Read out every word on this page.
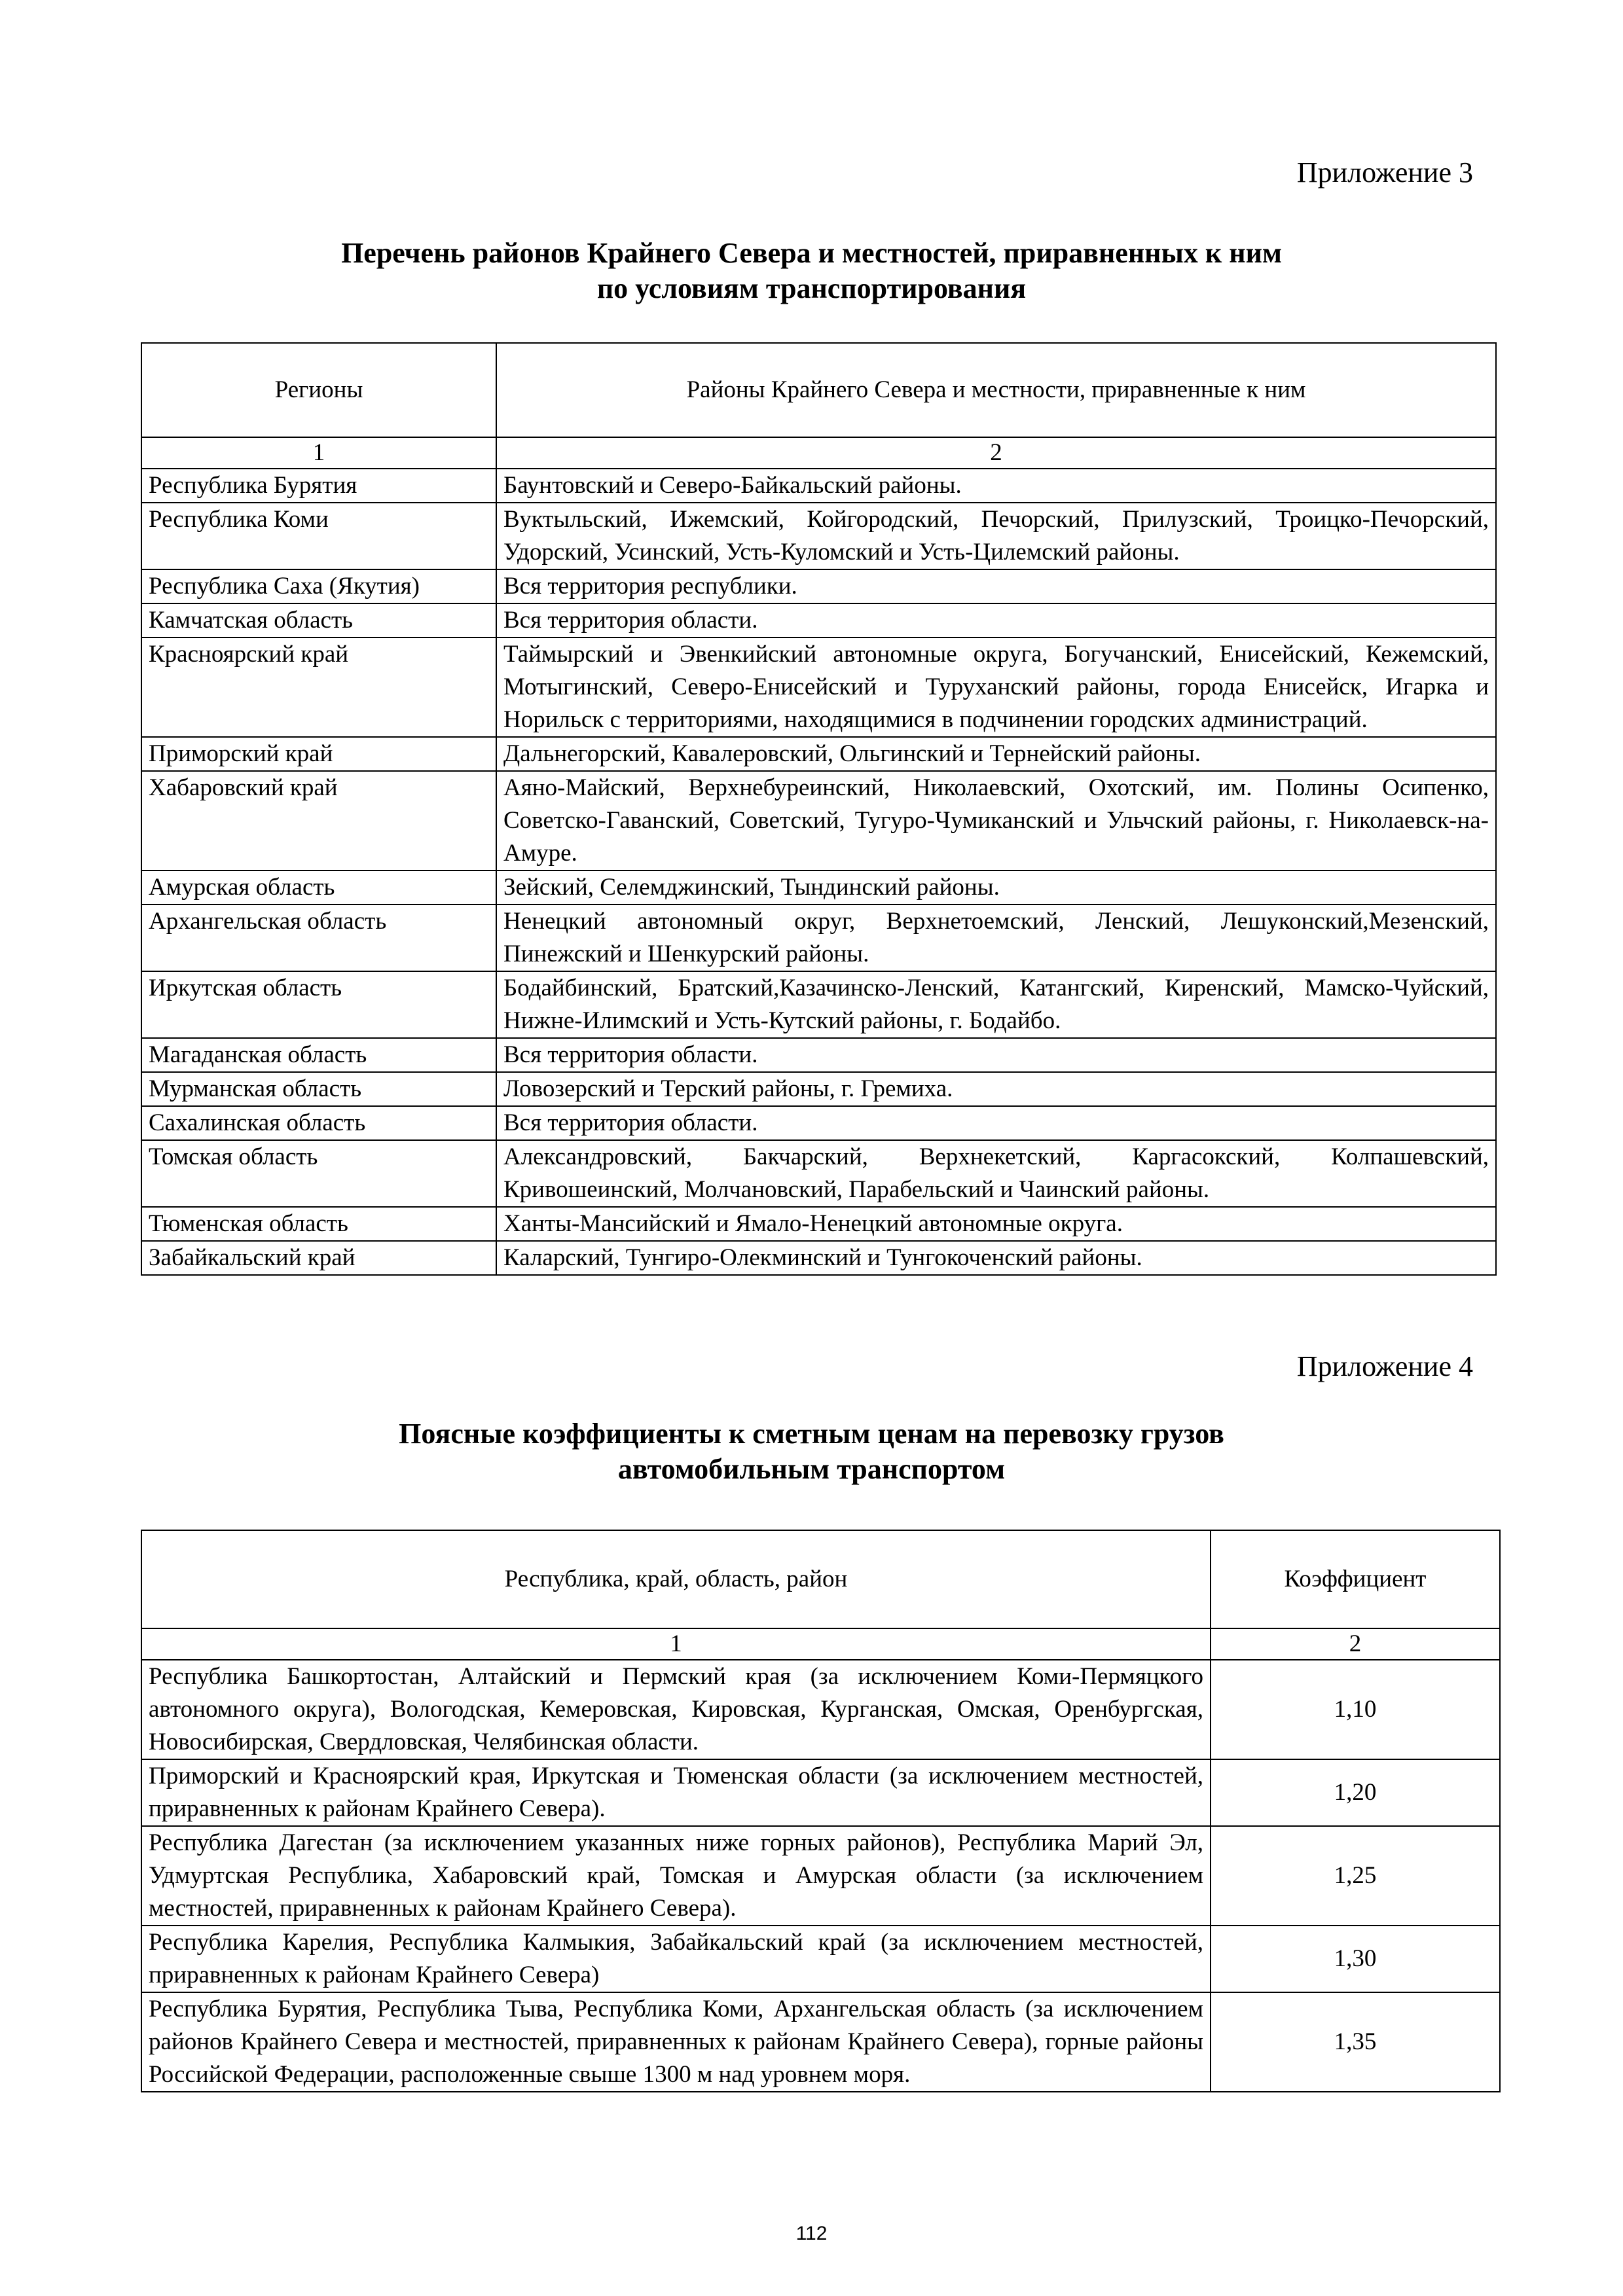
Приложение 3
Перечень районов Крайнего Севера и местностей, приравненных к ним
по условиям транспортирования
Регионы	Районы Крайнего Севера и местности, приравненные к ним
1	2
Республика Бурятия	Баунтовский и Северо-Байкальский районы.
Республика Коми	Вуктыльский, Ижемский, Койгородский, Печорский, Прилузский, Троицко-Печорский, Удорский, Усинский, Усть-Куломский и Усть-Цилемский районы.
Республика Саха (Якутия)	Вся территория республики.
Камчатская область	Вся территория области.
Красноярский край	Таймырский и Эвенкийский автономные округа, Богучанский, Енисейский, Кежемский, Мотыгинский, Северо-Енисейский и Туруханский районы, города Енисейск, Игарка и Норильск с территориями, находящимися в подчинении городских администраций.
Приморский край	Дальнегорский, Кавалеровский, Ольгинский и Тернейский районы.
Хабаровский край	Аяно-Майский, Верхнебуреинский, Николаевский, Охотский, им. Полины Осипенко, Советско-Гаванский, Советский, Тугуро-Чумиканский и Ульчский районы, г. Николаевск-на-Амуре.
Амурская область	Зейский, Селемджинский, Тындинский районы.
Архангельская область	Ненецкий автономный округ, Верхнетоемский, Ленский, Лешуконский,Мезенский, Пинежский и Шенкурский районы.
Иркутская область	Бодайбинский, Братский,Казачинско-Ленский, Катангский, Киренский, Мамско-Чуйский, Нижне-Илимский и Усть-Кутский районы, г. Бодайбо.
Магаданская область	Вся территория области.
Мурманская область	Ловозерский и Терский районы, г. Гремиха.
Сахалинская область	Вся территория области.
Томская область	Александровский, Бакчарский, Верхнекетский, Каргасокский, Колпашевский, Кривошеинский, Молчановский, Парабельский и Чаинский районы.
Тюменская область	Ханты-Мансийский и Ямало-Ненецкий автономные округа.
Забайкальский край	Каларский, Тунгиро-Олекминский и Тунгокоченский районы.
Приложение 4
Поясные коэффициенты к сметным ценам на перевозку грузов
автомобильным транспортом
Республика, край, область, район	Коэффициент
1	2
Республика Башкортостан, Алтайский и Пермский края (за исключением Коми-Пермяцкого автономного округа), Вологодская, Кемеровская, Кировская, Курганская, Омская, Оренбургская, Новосибирская, Свердловская, Челябинская области.	1,10
Приморский и Красноярский края, Иркутская и Тюменская области (за исключением местностей, приравненных к районам Крайнего Севера).	1,20
Республика Дагестан (за исключением указанных ниже горных районов), Республика Марий Эл, Удмуртская Республика, Хабаровский край, Томская и Амурская области (за исключением местностей, приравненных к районам Крайнего Севера).	1,25
Республика Карелия, Республика Калмыкия, Забайкальский край (за исключением местностей, приравненных к районам Крайнего Севера)	1,30
Республика Бурятия, Республика Тыва, Республика Коми, Архангельская область (за исключением районов Крайнего Севера и местностей, приравненных к районам Крайнего Севера), горные районы Российской Федерации, расположенные свыше 1300 м над уровнем моря.	1,35
112
